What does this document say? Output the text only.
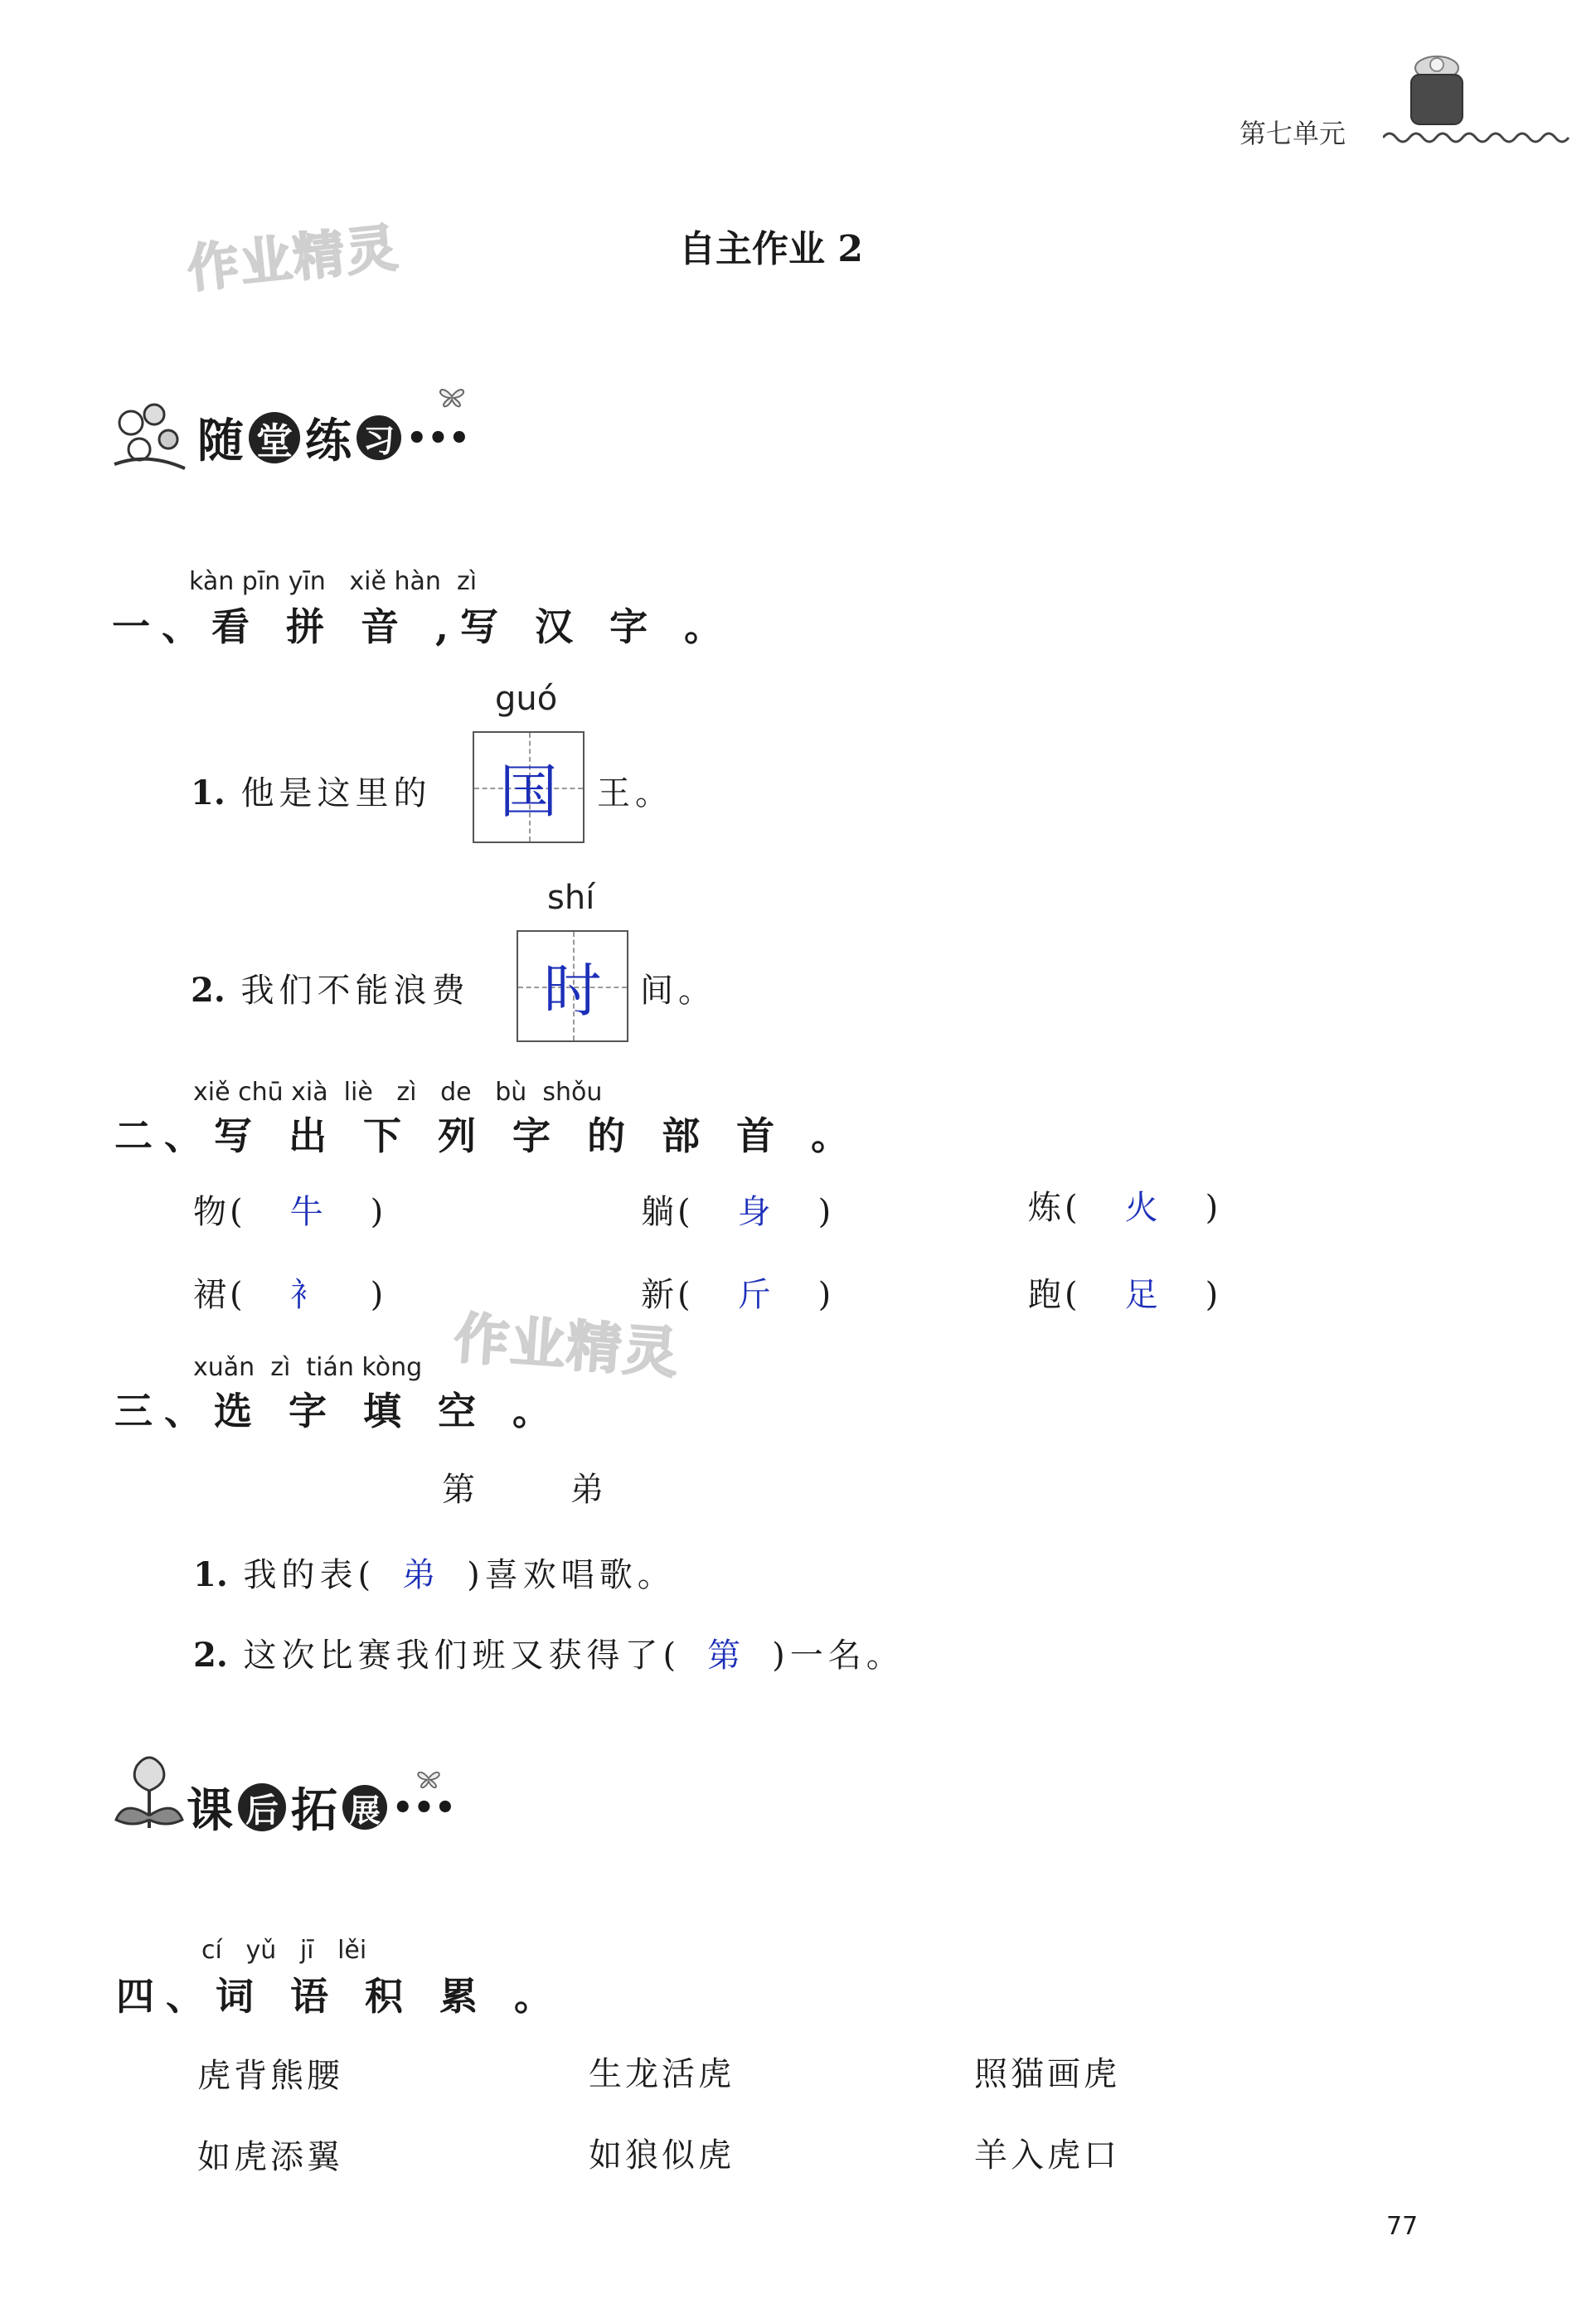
第七单元
自主作业 2
作业精灵
随 堂 练 习 •••
kàn pīn yīn   xiě hàn  zì
一、看 拼 音 ,写 汉 字 。
1. 他是这里的
guó
国	王。
2. 我们不能浪费
shí
时	间。
xiě chū xià  liè   zì   de   bù  shǒu
二、写 出 下 列 字 的 部 首 。
物( 牛 )	躺( 身 )	炼( 火 )
裙( 衤 )	新( 斤 )	跑( 足 )
作业精灵
xuǎn  zì  tián kòng
三、选 字 填 空 。
第	弟
1. 我的表( 弟 )喜欢唱歌。
2. 这次比赛我们班又获得了( 第 )一名。
课 后 拓 展 •••
cí   yǔ   jī   lěi
四、词 语 积 累 。
虎背熊腰	生龙活虎	照猫画虎
如虎添翼	如狼似虎	羊入虎口
77
